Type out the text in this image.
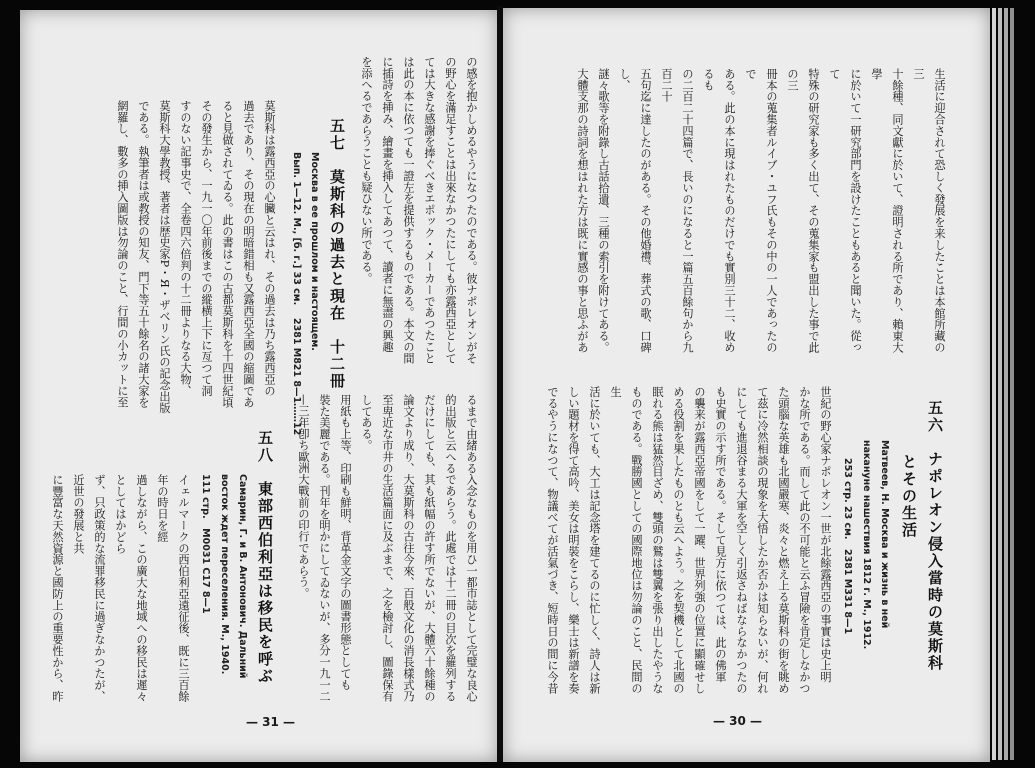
の感を抱かしめるやうになつたのである。彼ナポレオンがそ
の野心を滿足すことは出來なかつたにしても亦露西亞として
ては大きな感謝を捧ぐべきエポック・メーカーであつたこと
は此の本に依つても一證左を提供するものである。本文の間
に插詩を挿み、繪畫を挿入してあつて、讀者に無盡の興趣
を添へるであらうことも疑ひない所である。
五七　莫斯科の過去と現在　十二冊
Москва в ее прошлом и настоящем.
Вып. 1—12. М., [б. г.] 33 см.
2381 М821 8—1……12
莫斯科は露西亞の心臟と云はれ、その過去は乃ち露西亞の
過去であり、その現在の明暗錯相も又露西亞全國の縮圖であ
ると見做されてゐる。此の書はこの古都莫斯科を十四世紀頃
その發生から、一九一〇年前後までの縱横上下に亙つて洞
すのない記事史で、全卷四六倍判の十二冊よりなる大物、
莫斯科大學教授、著者は歴史家Р・Я・ザベリン氏の記念出版
である。執筆者は或教授の知友、門下等五十餘名の諸大家を
網羅し、數多の挿入圖版は勿論のこと、行間の小カットに至
るまで由緒ある入念なものを用ひ一都市誌として完璧な良心
的出版と云へるであらう。此處では十二冊の目次を羅列する
だけにしても、其も紙幅の許す所でないが、大體六十餘種の
論文より成り、大莫斯科の古往今來、百般文化の消長樣式乃
至卑近な市井の生活篇面に及ぶまで、之を檢討し、圖錄保有
してある。
用紙も上等、印刷も鮮明、背革金文字の圖書形態としても
裝た美麗である。刊年を明かにしてゐないが、多分一九一二
—三年卽ち歐洲大戰前の印行であらう。
五八　東部西伯利亞は移民を呼ぶ
Самарин, Г. и В. Антонович. Дальний
восток ждет переселения. М., 1940.
111 стр.　М0031 С17 8—1
イェルマークの西伯利亞遠征後、既に三百餘年の時日を經
過しながら、この廣大な地域への移民は遲々としてはかどら
ず、只政策的な流罪移民に過ぎなかつたが、近世の發展と共
に豐富な天然資源と國防上の重要性から、昨
— 31 —
生活に迎合されて恐しく發展を来したことは本館所藏の三
十餘種、同文獻に於いて、證明される所であり、賴東大學
に於いて一研究部門を設けたこともあると聞いた。從って
特殊の研究家も多く出て、その蒐集家も盟出した事で此の三
冊本の蒐集者ルイブ・ユフ氏もその中の一人であったので
ある。此の本に現はれたものだけでも實別三十二、收めるも
の二百二十四篇で、長いのになると一篇五百餘句から九百二十
五句迄に達したのがある。その他婚禮、葬式の歌、口碑し、
謎々歌等を附錄し古話拾遺、三種の索引を附けてある。
大體支那の詩詞を想はれた方は既に實感の事と思ふがあ
五六　ナポレオン侵入當時の莫斯科
とその生活
Матвеев, Н. Москва и жизнь в ней
накануне нашествия 1812 г. М., 1912.
253 стр. 23 см.　2381 М331 8—1
世紀の野心家ナポレオン一世が北餘露西亞の事實は史上明
かな所である。而して此の不可能と云ふ冒險を肯定しなかつ
た頭腦な英雄も北國嚴寒、炎々と燃え上る莫斯科の街を眺め
て茲に冷然相談の現象を大悟したか否かは知らないが、何れ
にしても進退谷まる大軍を空しく引返さねばならなかつたの
も史實の示す所である。そして見方に依つては、此の佛軍
の襲来が露西亞帝國をして一躍、世界列強の位置に顯確せし
める役割を果したものとも云へよう。之を契機として北國の
眠れる熊は猛然目ざめ、雙頭の鷲は雙翼を張り出したやうな
ものである。戰勝國としての國際地位は勿論のこと、民間の生
活に於いても、大工は記念塔を建てるのに忙しく、詩人は新
しい題材を得て高吟、美女は明裝をこらし、樂士は新譜を奏
でるやうになつて、物議べてが活氣づき、短時日の間に今昔
— 30 —
